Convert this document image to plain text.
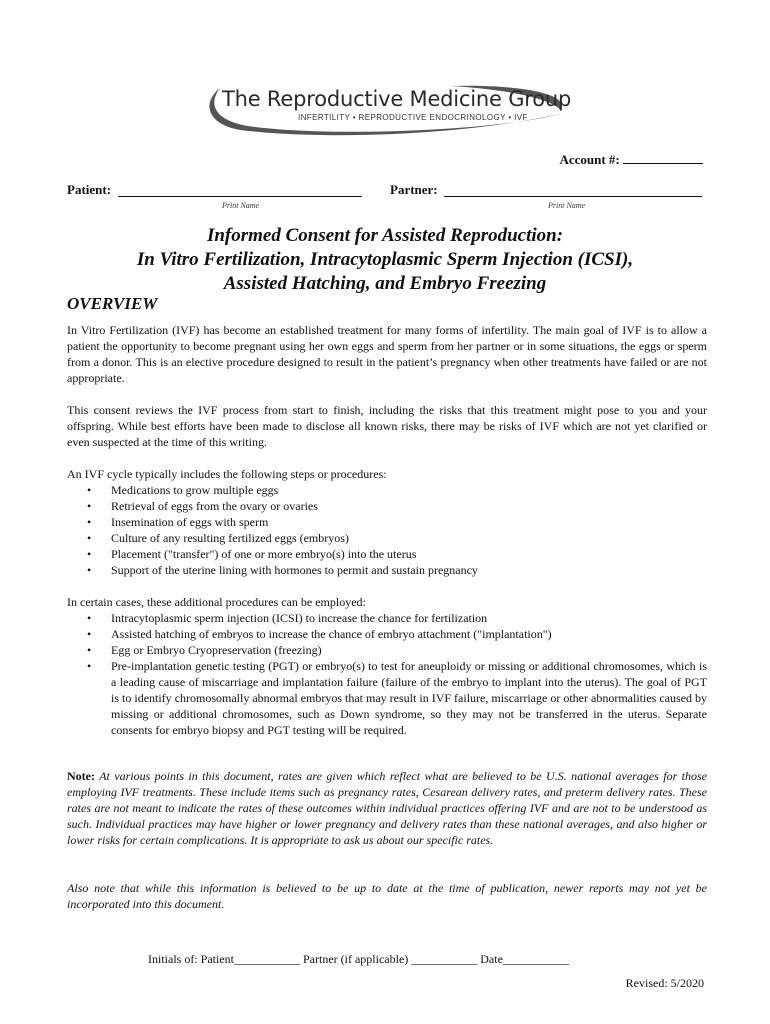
The Reproductive Medicine Group
INFERTILITY • REPRODUCTIVE ENDOCRINOLOGY • IVF
Account #:
Patient:
Print Name
Partner:
Print Name
Informed Consent for Assisted Reproduction:
In Vitro Fertilization, Intracytoplasmic Sperm Injection (ICSI),
Assisted Hatching, and Embryo Freezing
OVERVIEW
In Vitro Fertilization (IVF) has become an established treatment for many forms of infertility. The main goal of IVF is to allow a patient the opportunity to become pregnant using her own eggs and sperm from her partner or in some situations, the eggs or sperm from a donor. This is an elective procedure designed to result in the patient’s pregnancy when other treatments have failed or are not appropriate.
This consent reviews the IVF process from start to finish, including the risks that this treatment might pose to you and your offspring. While best efforts have been made to disclose all known risks, there may be risks of IVF which are not yet clarified or even suspected at the time of this writing.
An IVF cycle typically includes the following steps or procedures:
• Medications to grow multiple eggs
• Retrieval of eggs from the ovary or ovaries
• Insemination of eggs with sperm
• Culture of any resulting fertilized eggs (embryos)
• Placement ("transfer") of one or more embryo(s) into the uterus
• Support of the uterine lining with hormones to permit and sustain pregnancy
In certain cases, these additional procedures can be employed:
• Intracytoplasmic sperm injection (ICSI) to increase the chance for fertilization
• Assisted hatching of embryos to increase the chance of embryo attachment ("implantation")
• Egg or Embryo Cryopreservation (freezing)
• Pre-implantation genetic testing (PGT) or embryo(s) to test for aneuploidy or missing or additional chromosomes, which is a leading cause of miscarriage and implantation failure (failure of the embryo to implant into the uterus). The goal of PGT is to identify chromosomally abnormal embryos that may result in IVF failure, miscarriage or other abnormalities caused by missing or additional chromosomes, such as Down syndrome, so they may not be transferred in the uterus. Separate consents for embryo biopsy and PGT testing will be required.
Note: At various points in this document, rates are given which reflect what are believed to be U.S. national averages for those employing IVF treatments. These include items such as pregnancy rates, Cesarean delivery rates, and preterm delivery rates. These rates are not meant to indicate the rates of these outcomes within individual practices offering IVF and are not to be understood as such. Individual practices may have higher or lower pregnancy and delivery rates than these national averages, and also higher or lower risks for certain complications. It is appropriate to ask us about our specific rates.
Also note that while this information is believed to be up to date at the time of publication, newer reports may not yet be incorporated into this document.
Initials of: Patient___________ Partner (if applicable) ___________ Date___________
Revised: 5/2020
